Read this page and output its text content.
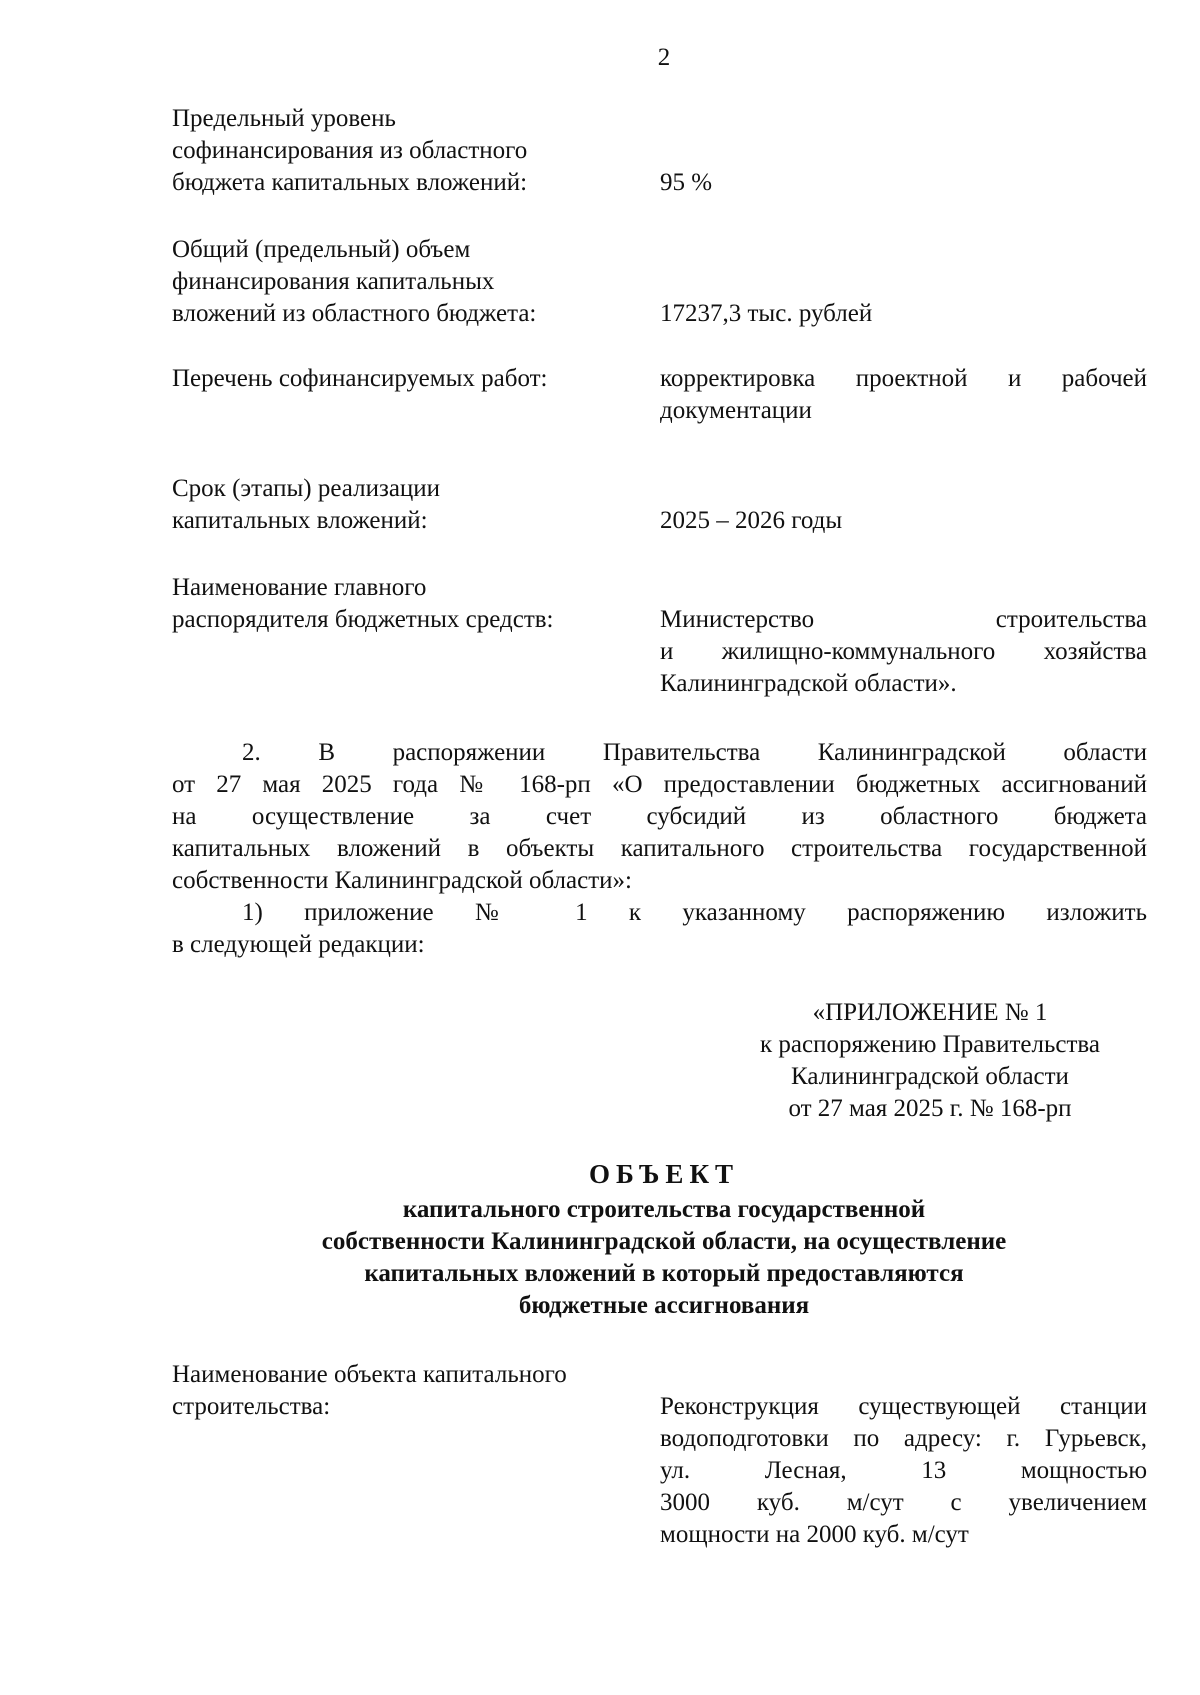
2
Предельный уровень
софинансирования из областного
бюджета капитальных вложений:	95 %
Общий (предельный) объем
финансирования капитальных
вложений из областного бюджета:	17237,3 тыс. рублей
Перечень софинансируемых работ:	корректировка проектной и рабочей
документации
Срок (этапы) реализации
капитальных вложений:	2025 – 2026 годы
Наименование главного
распорядителя бюджетных средств:	Министерство строительства
и жилищно-коммунального хозяйства
Калининградской области».
2. В распоряжении Правительства Калининградской области
от 27 мая 2025 года № 168-рп «О предоставлении бюджетных ассигнований
на осуществление за счет субсидий из областного бюджета
капитальных вложений в объекты капитального строительства государственной
собственности Калининградской области»:
1) приложение № 1 к указанному распоряжению изложить
в следующей редакции:
«ПРИЛОЖЕНИЕ № 1
к распоряжению Правительства
Калининградской области
от 27 мая 2025 г. № 168-рп
ОБЪЕКТ
капитального строительства государственной
собственности Калининградской области, на осуществление
капитальных вложений в который предоставляются
бюджетные ассигнования
Наименование объекта капитального
строительства:	Реконструкция существующей станции
водоподготовки по адресу: г. Гурьевск,
ул. Лесная, 13 мощностью
3000 куб. м/сут с увеличением
мощности на 2000 куб. м/сут
